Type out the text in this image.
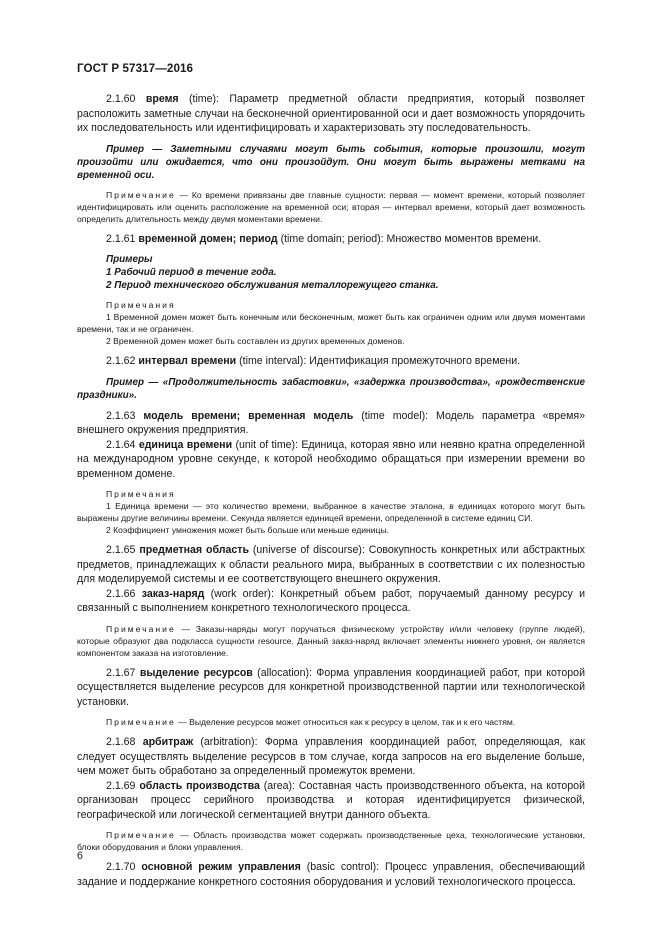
ГОСТ Р 57317—2016

2.1.60 время (time): Параметр предметной области предприятия, который позволяет расположить заметные случаи на бесконечной ориентированной оси и дает возможность упорядочить их последовательность или идентифицировать и характеризовать эту последовательность.

Пример — Заметными случаями могут быть события, которые произошли, могут произойти или ожидается, что они произойдут. Они могут быть выражены метками на временной оси.

Примечание — Ко времени привязаны две главные сущности: первая — момент времени, который позволяет идентифицировать или оценить расположение на временной оси; вторая — интервал времени, который дает возможность определить длительность между двумя моментами времени.

2.1.61 временной домен; период (time domain; period): Множество моментов времени.

Примеры

1 Рабочий период в течение года.

2 Период технического обслуживания металлорежущего станка.

Примечания

1 Временной домен может быть конечным или бесконечным, может быть как ограничен одним или двумя моментами времени, так и не ограничен.

2 Временной домен может быть составлен из других временных доменов.

2.1.62 интервал времени (time interval): Идентификация промежуточного времени.

Пример — «Продолжительность забастовки», «задержка производства», «рождественские праздники».

2.1.63 модель времени; временная модель (time model): Модель параметра «время» внешнего окружения предприятия.

2.1.64 единица времени (unit of time): Единица, которая явно или неявно кратна определенной на международном уровне секунде, к которой необходимо обращаться при измерении времени во временном домене.

Примечания

1 Единица времени — это количество времени, выбранное в качестве эталона, в единицах которого могут быть выражены другие величины времени. Секунда является единицей времени, определенной в системе единиц СИ.

2 Коэффициент умножения может быть больше или меньше единицы.

2.1.65 предметная область (universe of discourse): Совокупность конкретных или абстрактных предметов, принадлежащих к области реального мира, выбранных в соответствии с их полезностью для моделируемой системы и ее соответствующего внешнего окружения.

2.1.66 заказ-наряд (work order): Конкретный объем работ, поручаемый данному ресурсу и связанный с выполнением конкретного технологического процесса.

Примечание — Заказы-наряды могут поручаться физическому устройству и/или человеку (группе людей), которые образуют два подкласса сущности resource. Данный заказ-наряд включает элементы нижнего уровня, он является компонентом заказа на изготовление.

2.1.67 выделение ресурсов (allocation): Форма управления координацией работ, при которой осуществляется выделение ресурсов для конкретной производственной партии или технологической установки.

Примечание — Выделение ресурсов может относиться как к ресурсу в целом, так и к его частям.

2.1.68 арбитраж (arbitration): Форма управления координацией работ, определяющая, как следует осуществлять выделение ресурсов в том случае, когда запросов на его выделение больше, чем может быть обработано за определенный промежуток времени.

2.1.69 область производства (area): Составная часть производственного объекта, на которой организован процесс серийного производства и которая идентифицируется физической, географической или логической сегментацией внутри данного объекта.

Примечание — Область производства может содержать производственные цеха, технологические установки, блоки оборудования и блоки управления.

2.1.70 основной режим управления (basic control): Процесс управления, обеспечивающий задание и поддержание конкретного состояния оборудования и условий технологического процесса.

6
